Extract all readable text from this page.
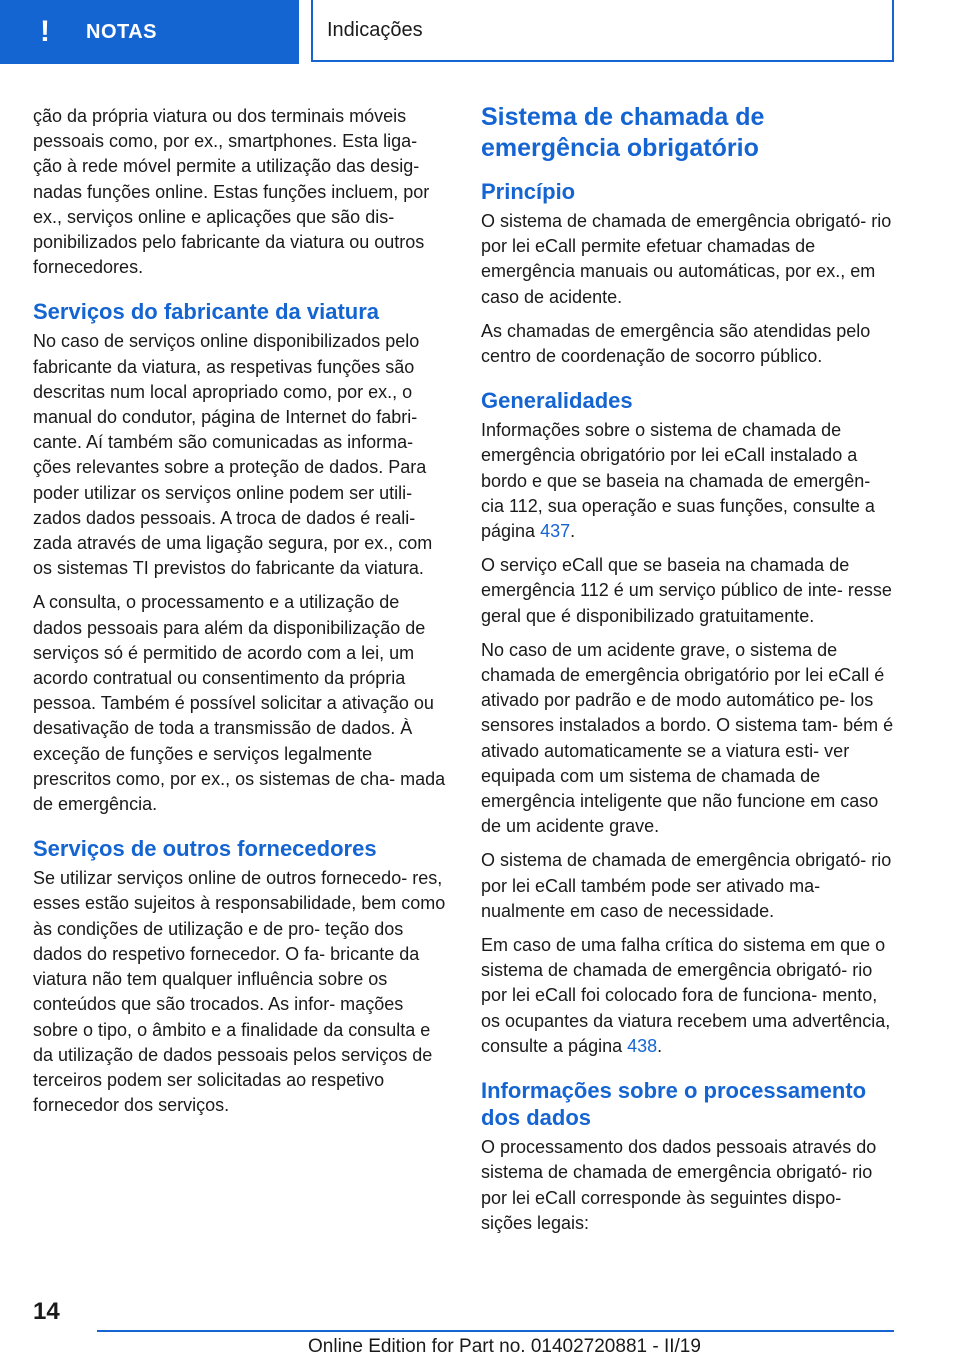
!	NOTAS	Indicações

ção da própria viatura ou dos terminais móveis pessoais como, por ex., smartphones. Esta liga- ção à rede móvel permite a utilização das desig- nadas funções online. Estas funções incluem, por ex., serviços online e aplicações que são dis- ponibilizados pelo fabricante da viatura ou outros fornecedores.

Serviços do fabricante da viatura

No caso de serviços online disponibilizados pelo fabricante da viatura, as respetivas funções são descritas num local apropriado como, por ex., o manual do condutor, página de Internet do fabri- cante. Aí também são comunicadas as informa- ções relevantes sobre a proteção de dados. Para poder utilizar os serviços online podem ser utili- zados dados pessoais. A troca de dados é reali- zada através de uma ligação segura, por ex., com os sistemas TI previstos do fabricante da viatura.

A consulta, o processamento e a utilização de dados pessoais para além da disponibilização de serviços só é permitido de acordo com a lei, um acordo contratual ou consentimento da própria pessoa. Também é possível solicitar a ativação ou desativação de toda a transmissão de dados. À exceção de funções e serviços legalmente prescritos como, por ex., os sistemas de cha- mada de emergência.

Serviços de outros fornecedores

Se utilizar serviços online de outros fornecedo- res, esses estão sujeitos à responsabilidade, bem como às condições de utilização e de pro- teção dos dados do respetivo fornecedor. O fa- bricante da viatura não tem qualquer influência sobre os conteúdos que são trocados. As infor- mações sobre o tipo, o âmbito e a finalidade da consulta e da utilização de dados pessoais pelos serviços de terceiros podem ser solicitadas ao respetivo fornecedor dos serviços.

Sistema de chamada de emergência obrigatório
Princípio

O sistema de chamada de emergência obrigató- rio por lei eCall permite efetuar chamadas de emergência manuais ou automáticas, por ex., em caso de acidente.

As chamadas de emergência são atendidas pelo centro de coordenação de socorro público.

Generalidades

Informações sobre o sistema de chamada de emergência obrigatório por lei eCall instalado a bordo e que se baseia na chamada de emergên- cia 112, sua operação e suas funções, consulte a página 437.

O serviço eCall que se baseia na chamada de emergência 112 é um serviço público de inte- resse geral que é disponibilizado gratuitamente.

No caso de um acidente grave, o sistema de chamada de emergência obrigatório por lei eCall é ativado por padrão e de modo automático pe- los sensores instalados a bordo. O sistema tam- bém é ativado automaticamente se a viatura esti- ver equipada com um sistema de chamada de emergência inteligente que não funcione em caso de um acidente grave.

O sistema de chamada de emergência obrigató- rio por lei eCall também pode ser ativado ma- nualmente em caso de necessidade.

Em caso de uma falha crítica do sistema em que o sistema de chamada de emergência obrigató- rio por lei eCall foi colocado fora de funciona- mento, os ocupantes da viatura recebem uma advertência, consulte a página 438.

Informações sobre o processamento dos dados

O processamento dos dados pessoais através do sistema de chamada de emergência obrigató- rio por lei eCall corresponde às seguintes dispo- sições legais:

14
Online Edition for Part no. 01402720881 - II/19
